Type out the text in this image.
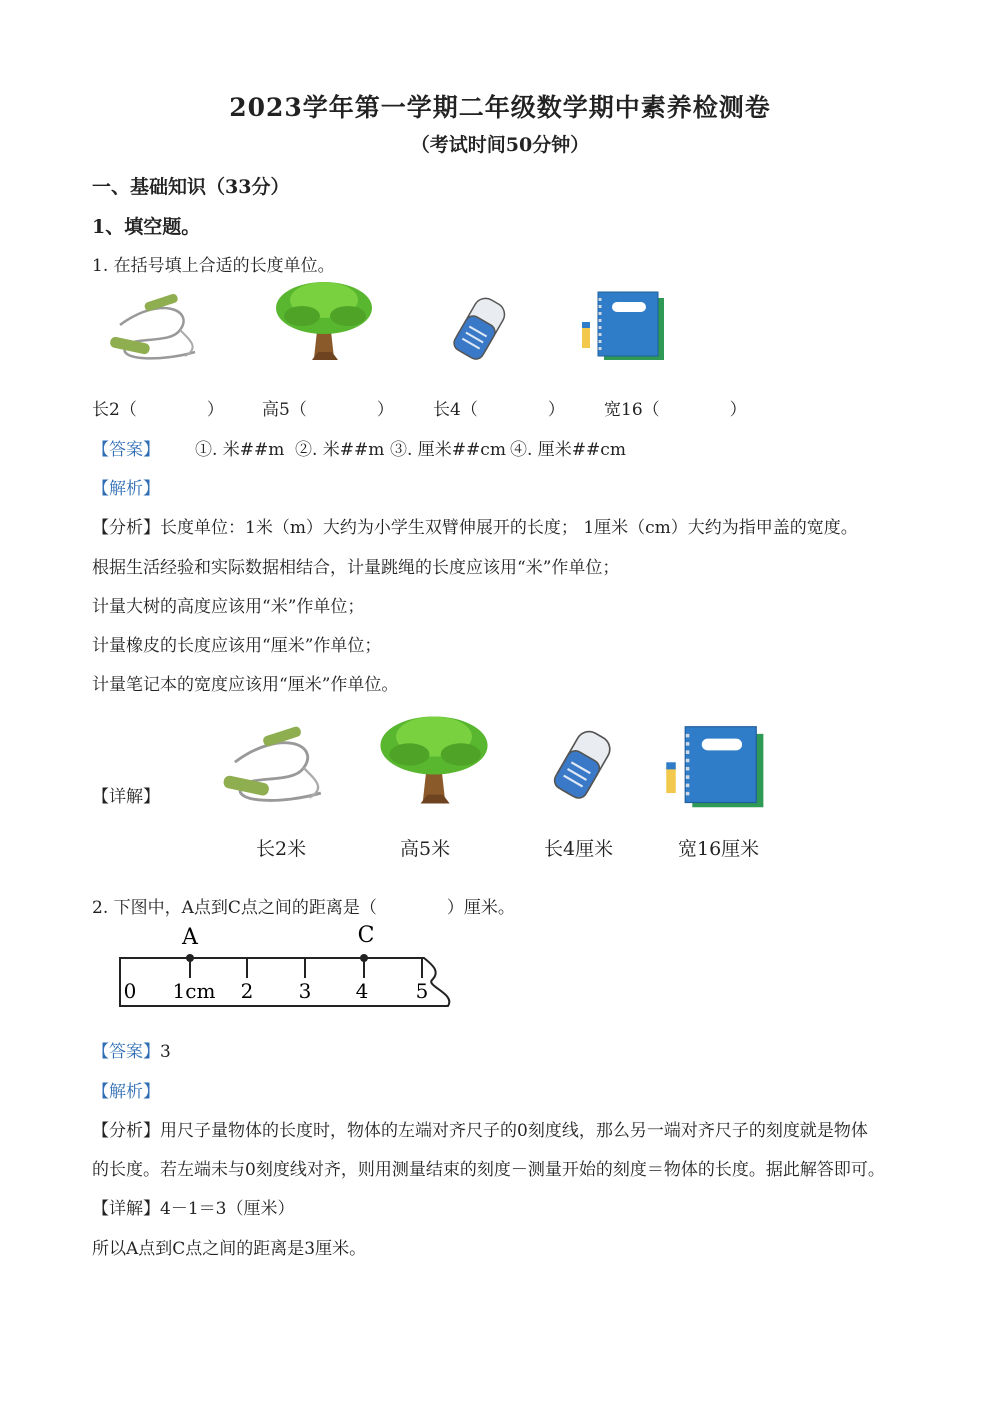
2023学年第一学期二年级数学期中素养检测卷
（考试时间50分钟）
一、基础知识（33分）
1、填空题。
1. 在括号填上合适的长度单位。
长2（	） 高5（	） 长4（	） 宽16（	）
【答案】 ①. 米##m ②. 米##m ③. 厘米##cm ④. 厘米##cm
【解析】
【分析】长度单位：1米（m）大约为小学生双臂伸展开的长度； 1厘米（cm）大约为指甲盖的宽度。
根据生活经验和实际数据相结合，计量跳绳的长度应该用“米”作单位；
计量大树的高度应该用“米”作单位；
计量橡皮的长度应该用“厘米”作单位；
计量笔记本的宽度应该用“厘米”作单位。
【详解】
长2米	高5米	长4厘米	宽16厘米
2. 下图中，A点到C点之间的距离是（	）厘米。
A	C
0 1cm 2 3 4 5
【答案】3
【解析】
【分析】用尺子量物体的长度时，物体的左端对齐尺子的0刻度线，那么另一端对齐尺子的刻度就是物体
的长度。若左端未与0刻度线对齐，则用测量结束的刻度－测量开始的刻度＝物体的长度。据此解答即可。
【详解】4－1＝3（厘米）
所以A点到C点之间的距离是3厘米。
